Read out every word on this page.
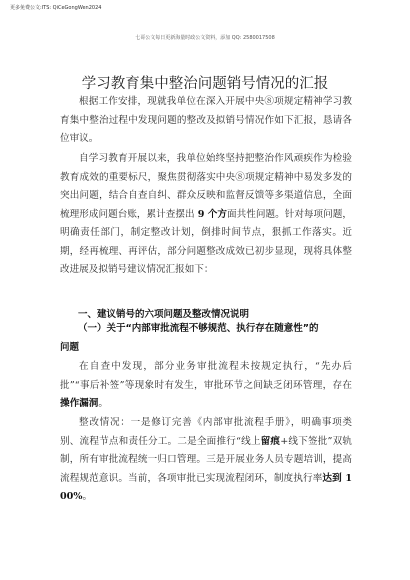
更多免费公文:ITS: QiCeGongWen2024
七哥公文每日更新海量时政公文资料，添加 QQ: 2580017508
学习教育集中整治问题销号情况的汇报

根据工作安排，现就我单位在深入开展中央⑧项规定精神学习教育集中整治过程中发现问题的整改及拟销号情况作如下汇报，恳请各位审议。

自学习教育开展以来，我单位始终坚持把整治作风顽疾作为检验教育成效的重要标尺，聚焦贯彻落实中央⑧项规定精神中易发多发的突出问题，结合自查自纠、群众反映和监督反馈等多渠道信息，全面梳理形成问题台账，累计查摆出 9 个方面共性问题。针对每项问题，明确责任部门，制定整改计划，倒排时间节点，狠抓工作落实。近期，经再梳理、再评估，部分问题整改成效已初步显现，现将具体整改进展及拟销号建议情况汇报如下：

一、建议销号的六项问题及整改情况说明
（一）关于“内部审批流程不够规范、执行存在随意性”的
问题

在自查中发现，部分业务审批流程未按规定执行，“先办后批”“事后补签”等现象时有发生，审批环节之间缺乏闭环管理，存在操作漏洞。

整改情况：一是修订完善《内部审批流程手册》，明确事项类别、流程节点和责任分工。二是全面推行“线上留痕+线下签批”双轨制，所有审批流程统一归口管理。三是开展业务人员专题培训，提高流程规范意识。当前，各项审批已实现流程闭环，制度执行率达到 100%。
